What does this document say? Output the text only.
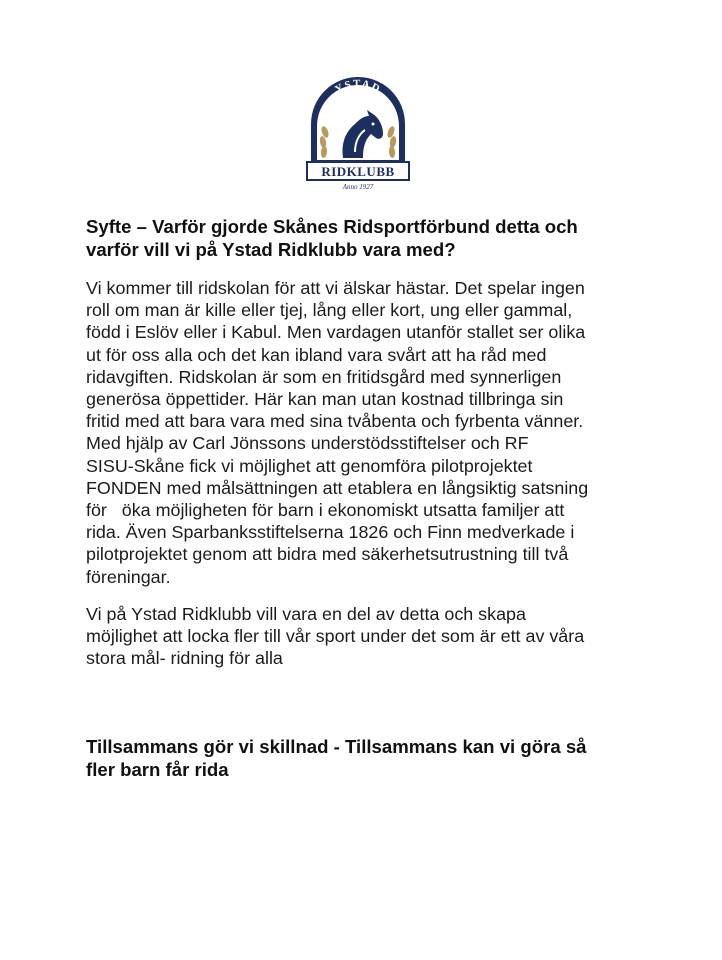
YSTAD
RIDKLUBB
Anno 1927
Syfte – Varför gjorde Skånes Ridsportförbund detta och
varför vill vi på Ystad Ridklubb vara med?

Vi kommer till ridskolan för att vi älskar hästar. Det spelar ingen
roll om man är kille eller tjej, lång eller kort, ung eller gammal,
född i Eslöv eller i Kabul. Men vardagen utanför stallet ser olika
ut för oss alla och det kan ibland vara svårt att ha råd med
ridavgiften. Ridskolan är som en fritidsgård med synnerligen
generösa öppettider. Här kan man utan kostnad tillbringa sin
fritid med att bara vara med sina tvåbenta och fyrbenta vänner.
Med hjälp av Carl Jönssons understödsstiftelser och RF
SISU-Skåne fick vi möjlighet att genomföra pilotprojektet
FONDEN med målsättningen att etablera en långsiktig satsning
för   öka möjligheten för barn i ekonomiskt utsatta familjer att
rida. Även Sparbanksstiftelserna 1826 och Finn medverkade i
pilotprojektet genom att bidra med säkerhetsutrustning till två
föreningar.

Vi på Ystad Ridklubb vill vara en del av detta och skapa
möjlighet att locka fler till vår sport under det som är ett av våra
stora mål- ridning för alla

Tillsammans gör vi skillnad - Tillsammans kan vi göra så
fler barn får rida
